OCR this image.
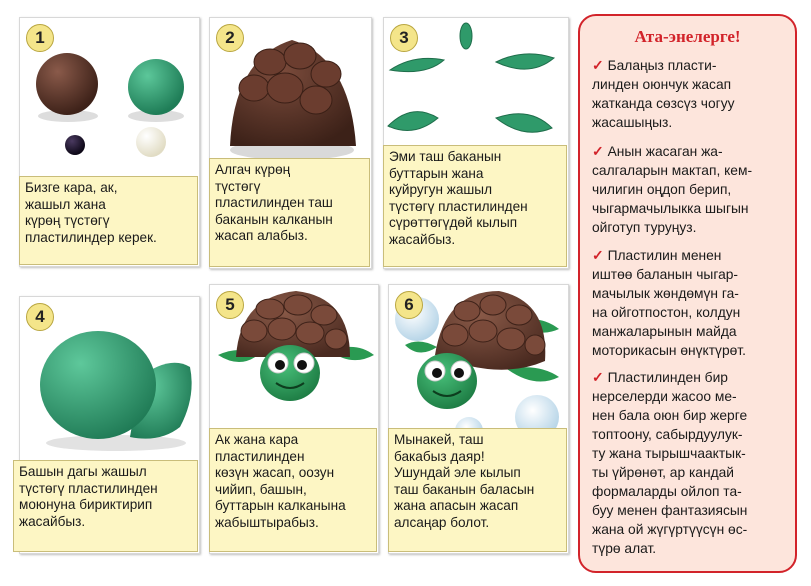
1
Бизге кара, ак,
жашыл жана
күрөң түстөгү
пластилиндер керек.
2
Алгач күрөң
түстөгү
пластилинден таш
баканын калканын
жасап алабыз.
3
Эми таш баканын
буттарын жана
куйругун жашыл
түстөгү пластилинден
сүрөттөгүдөй кылып
жасайбыз.
4
Башын дагы жашыл
түстөгү пластилинден
моюнуна бириктирип
жасайбыз.
5
Ак жана кара
пластилинден
көзүн жасап, оозун
чийип, башын,
буттарын калканына
жабыштырабыз.
6
Мынакей, таш
бакабыз даяр!
Ушундай эле кылып
таш баканын баласын
жана апасын жасап
алсаңар болот.
Ата-энелерге!
✓ Балаңыз пласти-
линден оюнчук жасап
жатканда сөзсүз чогуу
жасашыңыз.
✓ Анын жасаган жа-
салгаларын мактап, кем-
чилигин оңдоп берип,
чыгармачылыкка шыгын
ойготуп туруңуз.
✓ Пластилин менен
иштөө баланын чыгар-
мачылык жөндөмүн га-
на ойготпостон, колдун
манжаларынын майда
моторикасын өнүктүрөт.
✓ Пластилинден бир
нерселерди жасоо ме-
нен бала оюн бир жерге
топтоону, сабырдуулук-
ту жана тырышчаактык-
ты үйрөнөт, ар кандай
формаларды ойлоп та-
буу менен фантазиясын
жана ой жүгүртүүсүн өс-
түрө алат.
